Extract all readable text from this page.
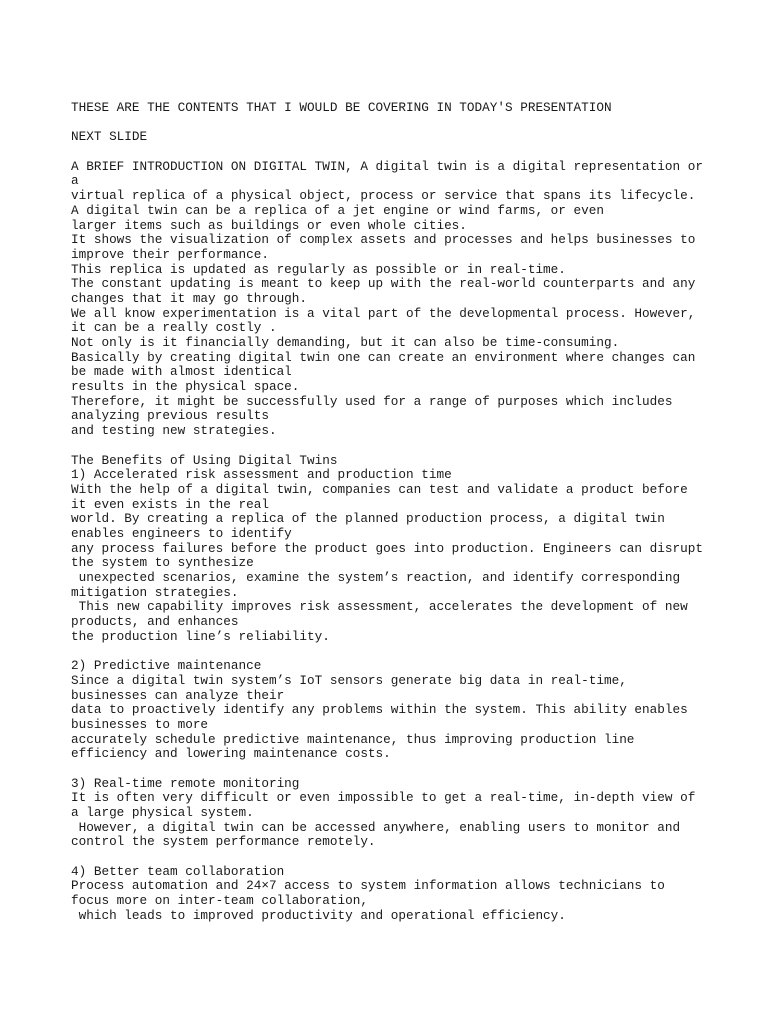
THESE ARE THE CONTENTS THAT I WOULD BE COVERING IN TODAY'S PRESENTATION
NEXT SLIDE
A BRIEF INTRODUCTION ON DIGITAL TWIN, A digital twin is a digital representation or
a
virtual replica of a physical object, process or service that spans its lifecycle.
A digital twin can be a replica of a jet engine or wind farms, or even
larger items such as buildings or even whole cities.
It shows the visualization of complex assets and processes and helps businesses to
improve their performance.
This replica is updated as regularly as possible or in real-time.
The constant updating is meant to keep up with the real-world counterparts and any
changes that it may go through.
We all know experimentation is a vital part of the developmental process. However,
it can be a really costly .
Not only is it financially demanding, but it can also be time-consuming.
Basically by creating digital twin one can create an environment where changes can
be made with almost identical
results in the physical space.
Therefore, it might be successfully used for a range of purposes which includes
analyzing previous results
and testing new strategies.
The Benefits of Using Digital Twins
1) Accelerated risk assessment and production time
With the help of a digital twin, companies can test and validate a product before
it even exists in the real
world. By creating a replica of the planned production process, a digital twin
enables engineers to identify
any process failures before the product goes into production. Engineers can disrupt
the system to synthesize
unexpected scenarios, examine the system’s reaction, and identify corresponding
mitigation strategies.
This new capability improves risk assessment, accelerates the development of new
products, and enhances
the production line’s reliability.
2) Predictive maintenance
Since a digital twin system’s IoT sensors generate big data in real-time,
businesses can analyze their
data to proactively identify any problems within the system. This ability enables
businesses to more
accurately schedule predictive maintenance, thus improving production line
efficiency and lowering maintenance costs.
3) Real-time remote monitoring
It is often very difficult or even impossible to get a real-time, in-depth view of
a large physical system.
However, a digital twin can be accessed anywhere, enabling users to monitor and
control the system performance remotely.
4) Better team collaboration
Process automation and 24×7 access to system information allows technicians to
focus more on inter-team collaboration,
which leads to improved productivity and operational efficiency.
